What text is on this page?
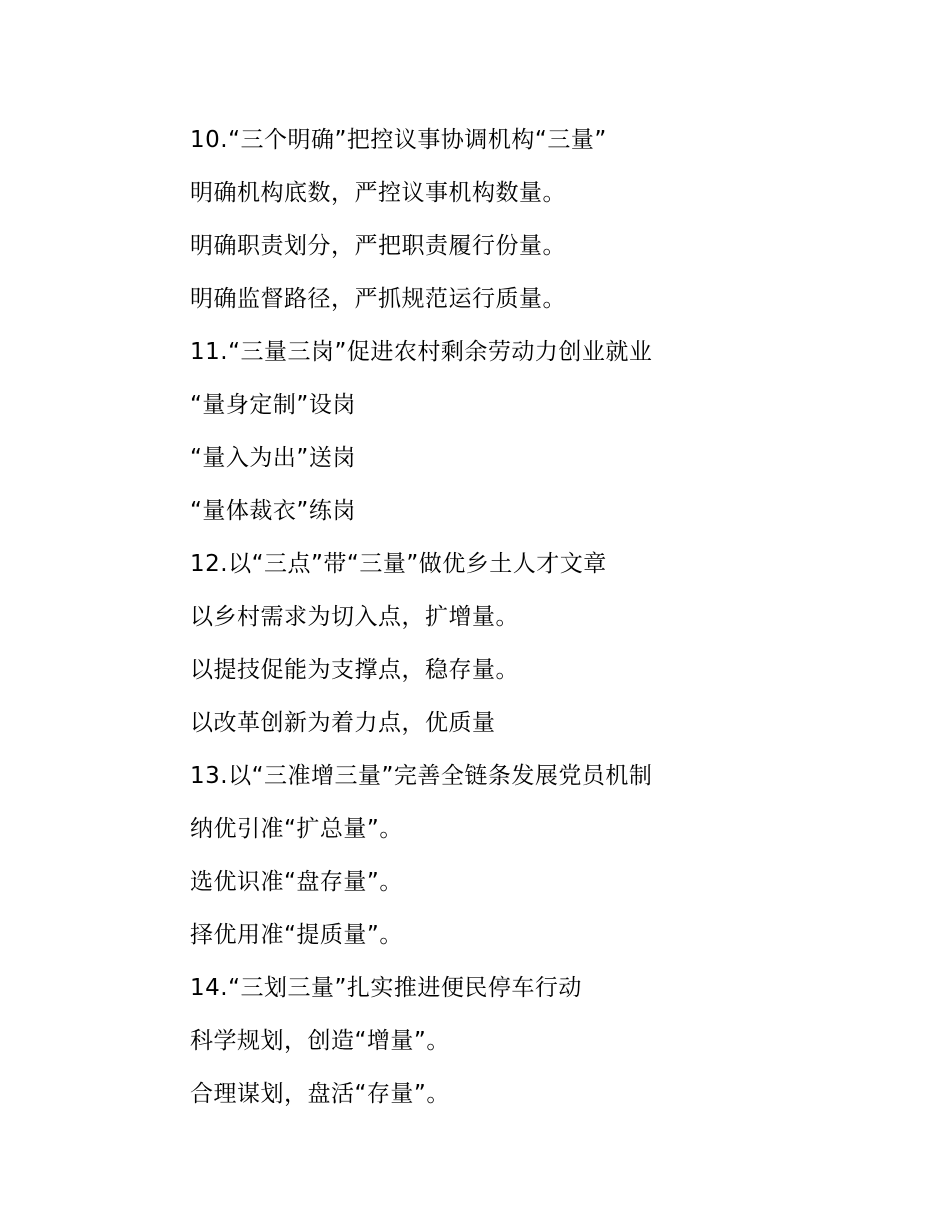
10.“三个明确”把控议事协调机构“三量”
明确机构底数，严控议事机构数量。
明确职责划分，严把职责履行份量。
明确监督路径，严抓规范运行质量。
11.“三量三岗”促进农村剩余劳动力创业就业
“量身定制”设岗
“量入为出”送岗
“量体裁衣”练岗
12.以“三点”带“三量”做优乡土人才文章
以乡村需求为切入点，扩增量。
以提技促能为支撑点，稳存量。
以改革创新为着力点，优质量
13.以“三准增三量”完善全链条发展党员机制
纳优引准“扩总量”。
选优识准“盘存量”。
择优用准“提质量”。
14.“三划三量”扎实推进便民停车行动
科学规划，创造“增量”。
合理谋划，盘活“存量”。
